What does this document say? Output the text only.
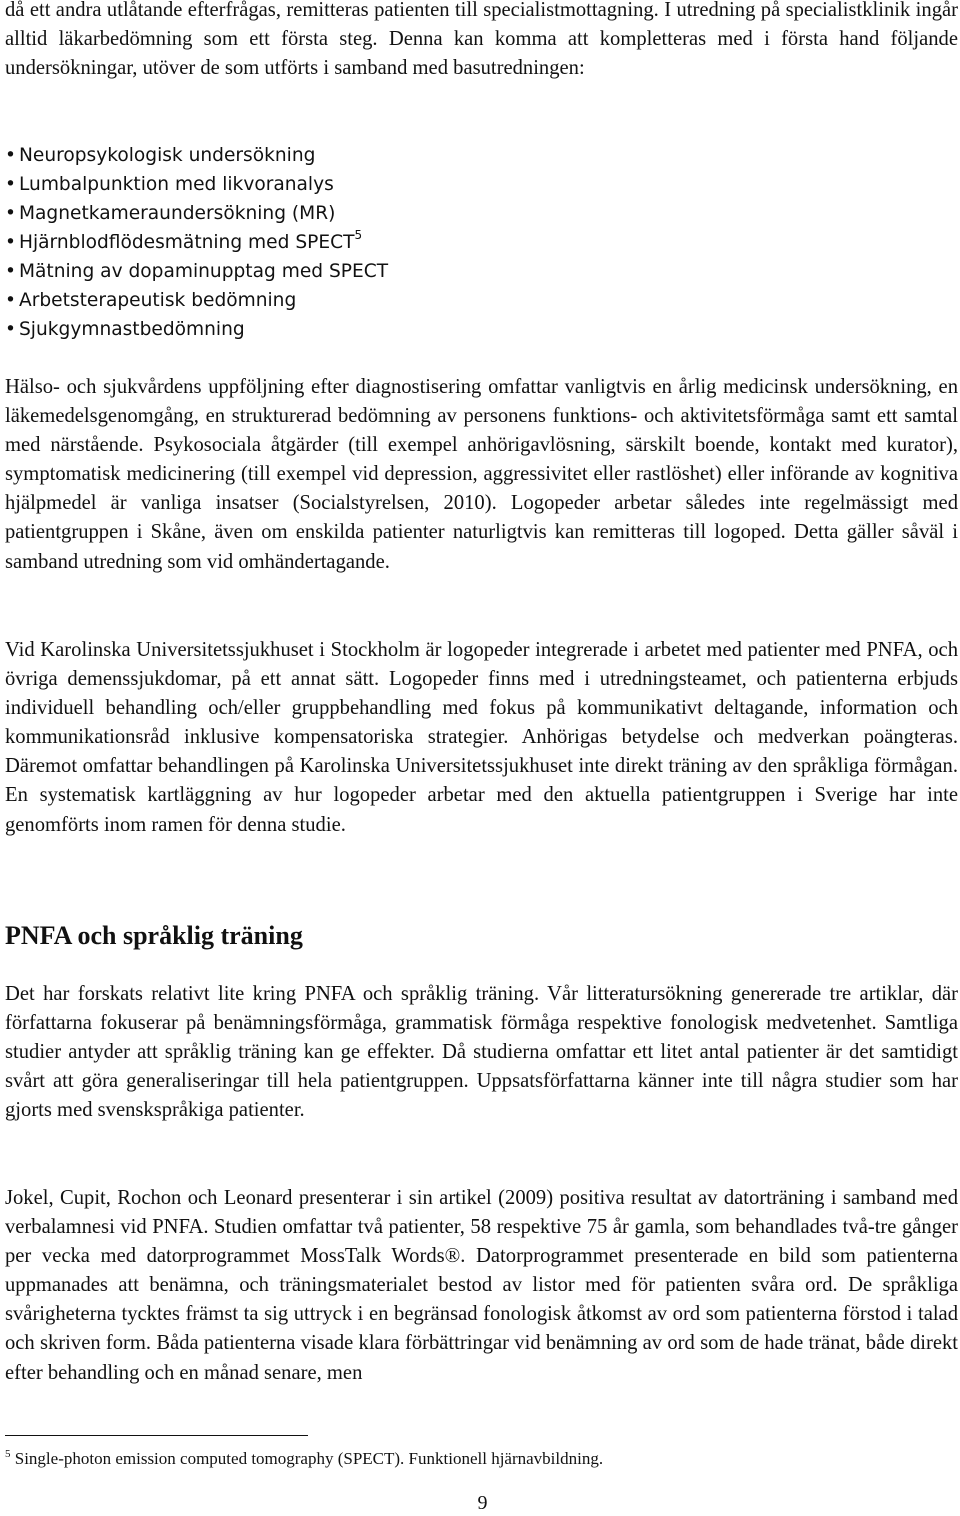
då ett andra utlåtande efterfrågas, remitteras patienten till specialistmottagning. I utredning på specialistklinik ingår alltid läkarbedömning som ett första steg. Denna kan komma att kompletteras med i första hand följande undersökningar, utöver de som utförts i samband med basutredningen:

• Neuropsykologisk undersökning
• Lumbalpunktion med likvoranalys
• Magnetkameraundersökning (MR)
• Hjärnblodflödesmätning med SPECT$^5$
• Mätning av dopaminupptag med SPECT
• Arbetsterapeutisk bedömning
• Sjukgymnastbedömning

Hälso- och sjukvårdens uppföljning efter diagnostisering omfattar vanligtvis en årlig medicinsk undersökning, en läkemedelsgenomgång, en strukturerad bedömning av personens funktions- och aktivitetsförmåga samt ett samtal med närstående. Psykosociala åtgärder (till exempel anhörigavlösning, särskilt boende, kontakt med kurator), symptomatisk medicinering (till exempel vid depression, aggressivitet eller rastlöshet) eller införande av kognitiva hjälpmedel är vanliga insatser (Socialstyrelsen, 2010). Logopeder arbetar således inte regelmässigt med patientgruppen i Skåne, även om enskilda patienter naturligtvis kan remitteras till logoped. Detta gäller såväl i samband utredning som vid omhändertagande.

Vid Karolinska Universitetssjukhuset i Stockholm är logopeder integrerade i arbetet med patienter med PNFA, och övriga demenssjukdomar, på ett annat sätt. Logopeder finns med i utredningsteamet, och patienterna erbjuds individuell behandling och/eller gruppbehandling med fokus på kommunikativt deltagande, information och kommunikationsråd inklusive kompensatoriska strategier. Anhörigas betydelse och medverkan poängteras. Däremot omfattar behandlingen på Karolinska Universitetssjukhuset inte direkt träning av den språkliga förmågan. En systematisk kartläggning av hur logopeder arbetar med den aktuella patientgruppen i Sverige har inte genomförts inom ramen för denna studie.

PNFA och språklig träning

Det har forskats relativt lite kring PNFA och språklig träning. Vår litteratursökning genererade tre artiklar, där författarna fokuserar på benämningsförmåga, grammatisk förmåga respektive fonologisk medvetenhet. Samtliga studier antyder att språklig träning kan ge effekter. Då studierna omfattar ett litet antal patienter är det samtidigt svårt att göra generaliseringar till hela patientgruppen. Uppsatsförfattarna känner inte till några studier som har gjorts med svenskspråkiga patienter.

Jokel, Cupit, Rochon och Leonard presenterar i sin artikel (2009) positiva resultat av datorträning i samband med verbalamnesi vid PNFA. Studien omfattar två patienter, 58 respektive 75 år gamla, som behandlades två-tre gånger per vecka med datorprogrammet MossTalk Words®. Datorprogrammet presenterade en bild som patienterna uppmanades att benämna, och träningsmaterialet bestod av listor med för patienten svåra ord. De språkliga svårigheterna tycktes främst ta sig uttryck i en begränsad fonologisk åtkomst av ord som patienterna förstod i talad och skriven form. Båda patienterna visade klara förbättringar vid benämning av ord som de hade tränat, både direkt efter behandling och en månad senare, men

$^5$ Single-photon emission computed tomography (SPECT). Funktionell hjärnavbildning.
9
